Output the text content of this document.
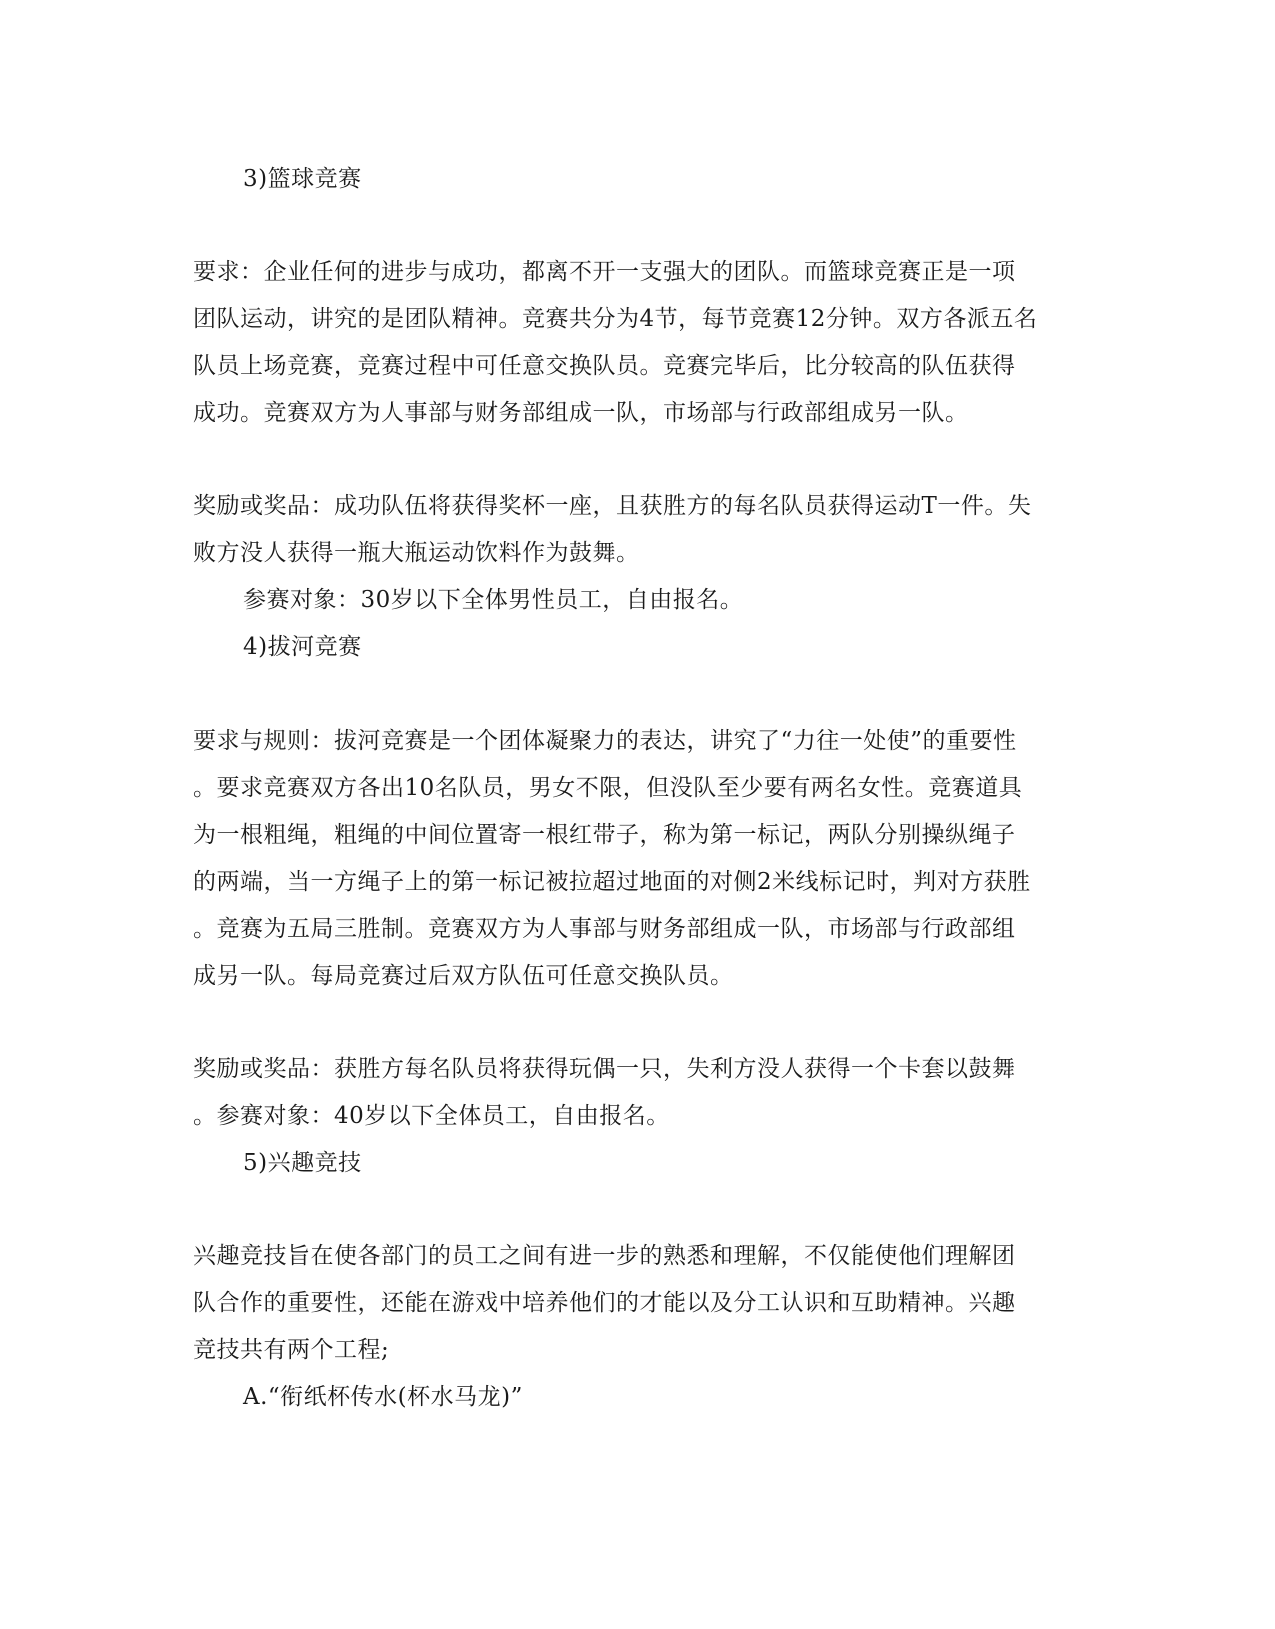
3)篮球竞赛
要求：企业任何的进步与成功，都离不开一支强大的团队。而篮球竞赛正是一项
团队运动，讲究的是团队精神。竞赛共分为4节，每节竞赛12分钟。双方各派五名
队员上场竞赛，竞赛过程中可任意交换队员。竞赛完毕后，比分较高的队伍获得
成功。竞赛双方为人事部与财务部组成一队，市场部与行政部组成另一队。
奖励或奖品：成功队伍将获得奖杯一座，且获胜方的每名队员获得运动T一件。失
败方没人获得一瓶大瓶运动饮料作为鼓舞。
参赛对象：30岁以下全体男性员工，自由报名。
4)拔河竞赛
要求与规则：拔河竞赛是一个团体凝聚力的表达，讲究了“力往一处使”的重要性
。要求竞赛双方各出10名队员，男女不限，但没队至少要有两名女性。竞赛道具
为一根粗绳，粗绳的中间位置寄一根红带子，称为第一标记，两队分别操纵绳子
的两端，当一方绳子上的第一标记被拉超过地面的对侧2米线标记时，判对方获胜
。竞赛为五局三胜制。竞赛双方为人事部与财务部组成一队，市场部与行政部组
成另一队。每局竞赛过后双方队伍可任意交换队员。
奖励或奖品：获胜方每名队员将获得玩偶一只，失利方没人获得一个卡套以鼓舞
。参赛对象：40岁以下全体员工，自由报名。
5)兴趣竞技
兴趣竞技旨在使各部门的员工之间有进一步的熟悉和理解，不仅能使他们理解团
队合作的重要性，还能在游戏中培养他们的才能以及分工认识和互助精神。兴趣
竞技共有两个工程;
A.“衔纸杯传水(杯水马龙)”
